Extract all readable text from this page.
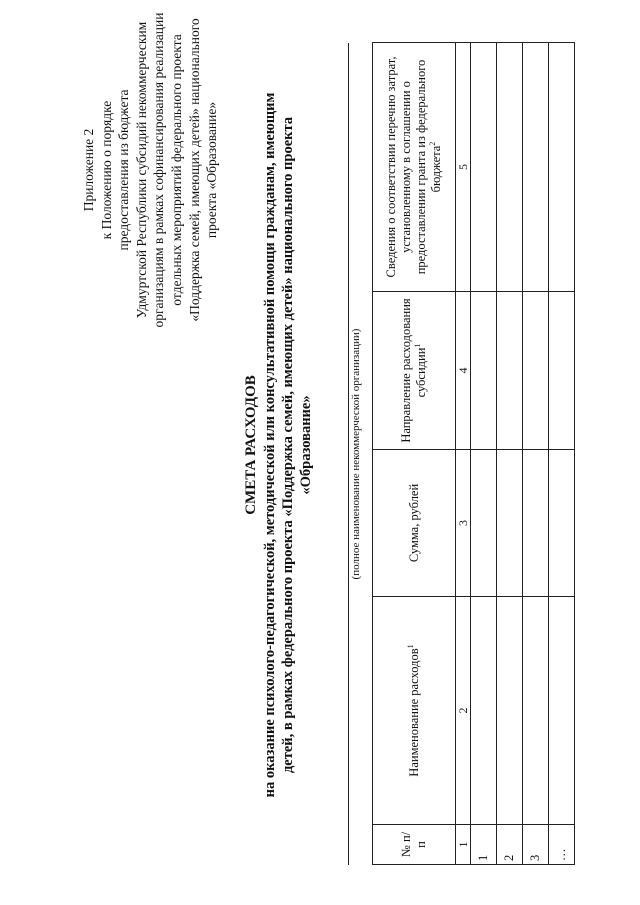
Приложение 2 к Положению о порядке предоставления из бюджета Удмуртской Республики субсидий некоммерческим организациям в рамках софинансирования реализации отдельных мероприятий федерального проекта «Поддержка семей, имеющих детей» национального проекта «Образование»
СМЕТА РАСХОДОВ на оказание психолого-педагогической, методической или консультативной помощи гражданам, имеющим детей, в рамках федерального проекта «Поддержка семей, имеющих детей» национального проекта «Образование»	(полное наименование некоммерческой организации)
№ п/п	Наименование расходов$^1$	Сумма, рублей	Направление расходования субсидии$^1$	Сведения о соответствии перечню затрат, установленному в соглашении о предоставлении гранта из федерального бюджета$^2$
1	2	3	4	5
1				
2				
3				
…				
